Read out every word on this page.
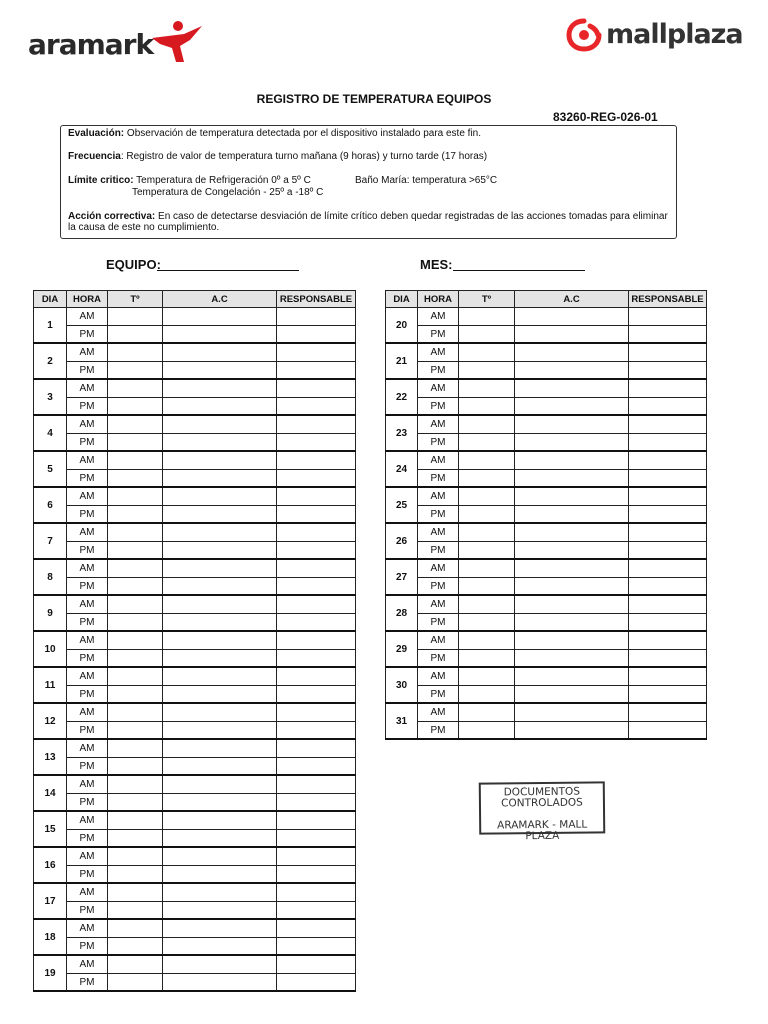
aramark	mallplaza
REGISTRO DE TEMPERATURA EQUIPOS
83260-REG-026-01
Evaluación: Observación de temperatura detectada por el dispositivo instalado para este fin.
Frecuencia: Registro de valor de temperatura turno mañana (9 horas) y turno tarde (17 horas)
Límite critico: Temperatura de Refrigeración 0º a 5º C	Baño María: temperatura >65°C
Temperatura de Congelación - 25º a -18º C
Acción correctiva: En caso de detectarse desviación de límite crítico deben quedar registradas de las acciones tomadas para eliminar
la causa de este no cumplimiento.
EQUIPO:	MES:
DIA	HORA	Tº	A.C	RESPONSABLE
1	AM			
	PM			
2	AM			
	PM			
3	AM			
	PM			
4	AM			
	PM			
5	AM			
	PM			
6	AM			
	PM			
7	AM			
	PM			
8	AM			
	PM			
9	AM			
	PM			
10	AM			
	PM			
11	AM			
	PM			
12	AM			
	PM			
13	AM			
	PM			
14	AM			
	PM			
15	AM			
	PM			
16	AM			
	PM			
17	AM			
	PM			
18	AM			
	PM			
19	AM			
	PM			
DIA	HORA	Tº	A.C	RESPONSABLE
20	AM			
	PM			
21	AM			
	PM			
22	AM			
	PM			
23	AM			
	PM			
24	AM			
	PM			
25	AM			
	PM			
26	AM			
	PM			
27	AM			
	PM			
28	AM			
	PM			
29	AM			
	PM			
30	AM			
	PM			
31	AM			
	PM			
DOCUMENTOS
CONTROLADOS
ARAMARK - MALL PLAZA
